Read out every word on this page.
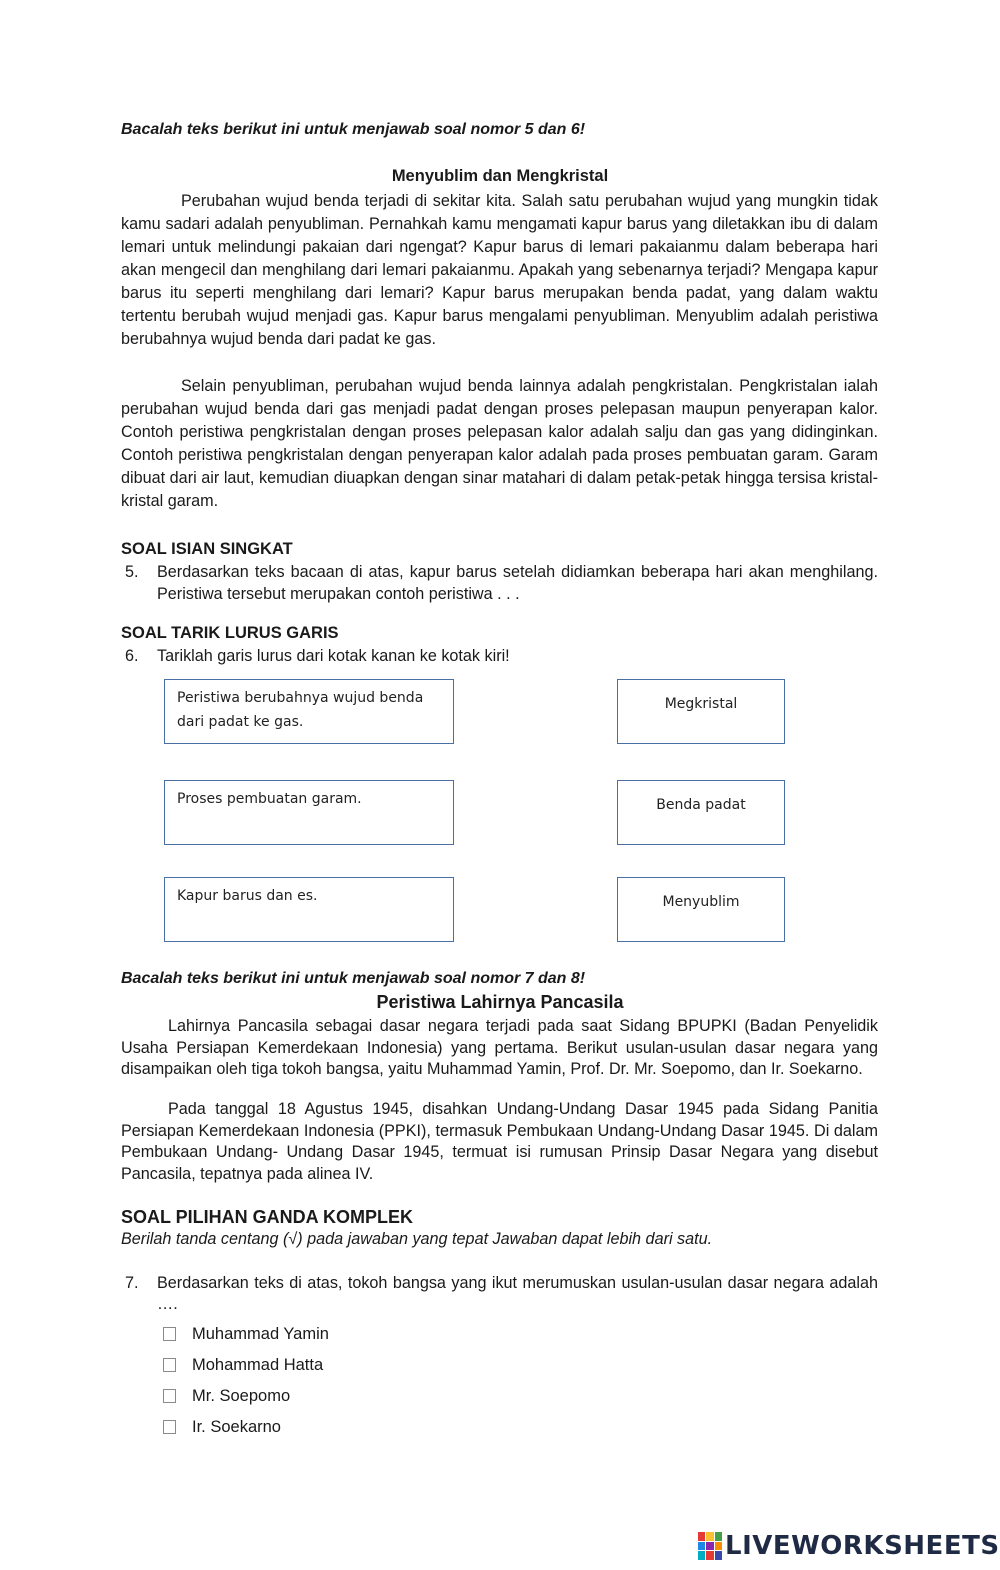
Bacalah teks berikut ini untuk menjawab soal nomor 5 dan 6!
Menyublim dan Mengkristal
Perubahan wujud benda terjadi di sekitar kita. Salah satu perubahan wujud yang mungkin tidak kamu sadari adalah penyubliman. Pernahkah kamu mengamati kapur barus yang diletakkan ibu di dalam lemari untuk melindungi pakaian dari ngengat? Kapur barus di lemari pakaianmu dalam beberapa hari akan mengecil dan menghilang dari lemari pakaianmu. Apakah yang sebenarnya terjadi? Mengapa kapur barus itu seperti menghilang dari lemari? Kapur barus merupakan benda padat, yang dalam waktu tertentu berubah wujud menjadi gas. Kapur barus mengalami penyubliman. Menyublim adalah peristiwa berubahnya wujud benda dari padat ke gas.
Selain penyubliman, perubahan wujud benda lainnya adalah pengkristalan. Pengkristalan ialah perubahan wujud benda dari gas menjadi padat dengan proses pelepasan maupun penyerapan kalor. Contoh peristiwa pengkristalan dengan proses pelepasan kalor adalah salju dan gas yang didinginkan. Contoh peristiwa pengkristalan dengan penyerapan kalor adalah pada proses pembuatan garam. Garam dibuat dari air laut, kemudian diuapkan dengan sinar matahari di dalam petak-petak hingga tersisa kristal-kristal garam.
SOAL ISIAN SINGKAT
5. Berdasarkan teks bacaan di atas, kapur barus setelah didiamkan beberapa hari akan menghilang. Peristiwa tersebut merupakan contoh peristiwa . . .
SOAL TARIK LURUS GARIS
6. Tariklah garis lurus dari kotak kanan ke kotak kiri!
Peristiwa berubahnya wujud benda dari padat ke gas.
Proses pembuatan garam.
Kapur barus dan es.
Megkristal
Benda padat
Menyublim
Bacalah teks berikut ini untuk menjawab soal nomor 7 dan 8!
Peristiwa Lahirnya Pancasila
Lahirnya Pancasila sebagai dasar negara terjadi pada saat Sidang BPUPKI (Badan Penyelidik Usaha Persiapan Kemerdekaan Indonesia) yang pertama. Berikut usulan-usulan dasar negara yang disampaikan oleh tiga tokoh bangsa, yaitu Muhammad Yamin, Prof. Dr. Mr. Soepomo, dan Ir. Soekarno.
Pada tanggal 18 Agustus 1945, disahkan Undang-Undang Dasar 1945 pada Sidang Panitia Persiapan Kemerdekaan Indonesia (PPKI), termasuk Pembukaan Undang-Undang Dasar 1945. Di dalam Pembukaan Undang- Undang Dasar 1945, termuat isi rumusan Prinsip Dasar Negara yang disebut Pancasila, tepatnya pada alinea IV.
SOAL PILIHAN GANDA KOMPLEK
Berilah tanda centang (√) pada jawaban yang tepat Jawaban dapat lebih dari satu.
7. Berdasarkan teks di atas, tokoh bangsa yang ikut merumuskan usulan-usulan dasar negara adalah ….
Muhammad Yamin
Mohammad Hatta
Mr. Soepomo
Ir. Soekarno
LIVEWORKSHEETS
